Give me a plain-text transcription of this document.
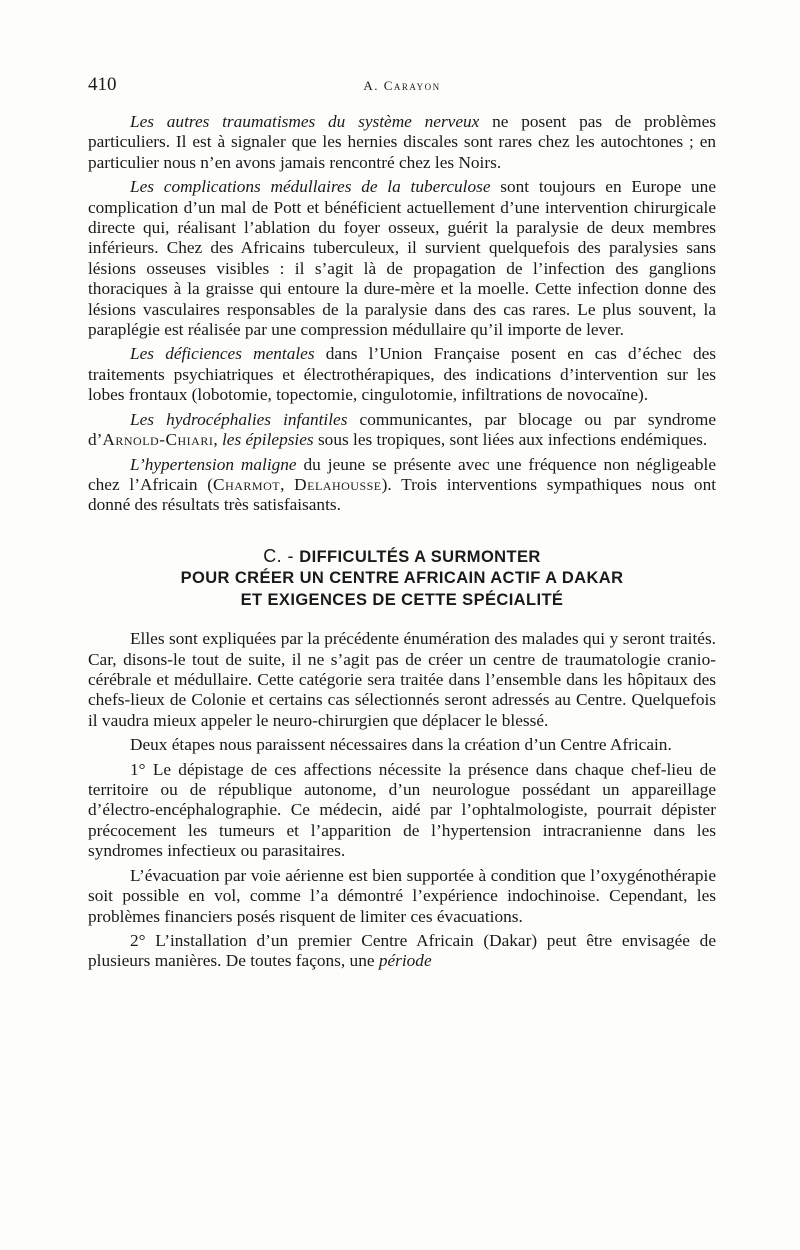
410	A. Carayon

Les autres traumatismes du système nerveux ne posent pas de problèmes particuliers. Il est à signaler que les hernies discales sont rares chez les autochtones ; en particulier nous n’en avons jamais rencontré chez les Noirs.

Les complications médullaires de la tuberculose sont toujours en Europe une complication d’un mal de Pott et bénéficient actuellement d’une intervention chirurgicale directe qui, réalisant l’ablation du foyer osseux, guérit la paralysie de deux membres inférieurs. Chez des Africains tuberculeux, il survient quelquefois des paralysies sans lésions osseuses visibles : il s’agit là de propagation de l’infection des ganglions thoraciques à la graisse qui entoure la dure-mère et la moelle. Cette infection donne des lésions vasculaires responsables de la paralysie dans des cas rares. Le plus souvent, la paraplégie est réalisée par une compression médullaire qu’il importe de lever.

Les déficiences mentales dans l’Union Française posent en cas d’échec des traitements psychiatriques et électrothérapiques, des indications d’intervention sur les lobes frontaux (lobotomie, topectomie, cingulotomie, infiltrations de novocaïne).

Les hydrocéphalies infantiles communicantes, par blocage ou par syndrome d’Arnold-Chiari, les épilepsies sous les tropiques, sont liées aux infections endémiques.

L’hypertension maligne du jeune se présente avec une fréquence non négligeable chez l’Africain (Charmot, Delahousse). Trois interventions sympathiques nous ont donné des résultats très satisfaisants.

C. - DIFFICULTÉS A SURMONTER
POUR CRÉER UN CENTRE AFRICAIN ACTIF A DAKAR
ET EXIGENCES DE CETTE SPÉCIALITÉ

Elles sont expliquées par la précédente énumération des malades qui y seront traités. Car, disons-le tout de suite, il ne s’agit pas de créer un centre de traumatologie cranio-cérébrale et médullaire. Cette catégorie sera traitée dans l’ensemble dans les hôpitaux des chefs-lieux de Colonie et certains cas sélectionnés seront adressés au Centre. Quelquefois il vaudra mieux appeler le neuro-chirurgien que déplacer le blessé.

Deux étapes nous paraissent nécessaires dans la création d’un Centre Africain.

1° Le dépistage de ces affections nécessite la présence dans chaque chef-lieu de territoire ou de république autonome, d’un neurologue possédant un appareillage d’électro-encéphalographie. Ce médecin, aidé par l’ophtalmologiste, pourrait dépister précocement les tumeurs et l’apparition de l’hypertension intracranienne dans les syndromes infectieux ou parasitaires.

L’évacuation par voie aérienne est bien supportée à condition que l’oxygénothérapie soit possible en vol, comme l’a démontré l’expérience indochinoise. Cependant, les problèmes financiers posés risquent de limiter ces évacuations.

2° L’installation d’un premier Centre Africain (Dakar) peut être envisagée de plusieurs manières. De toutes façons, une période
